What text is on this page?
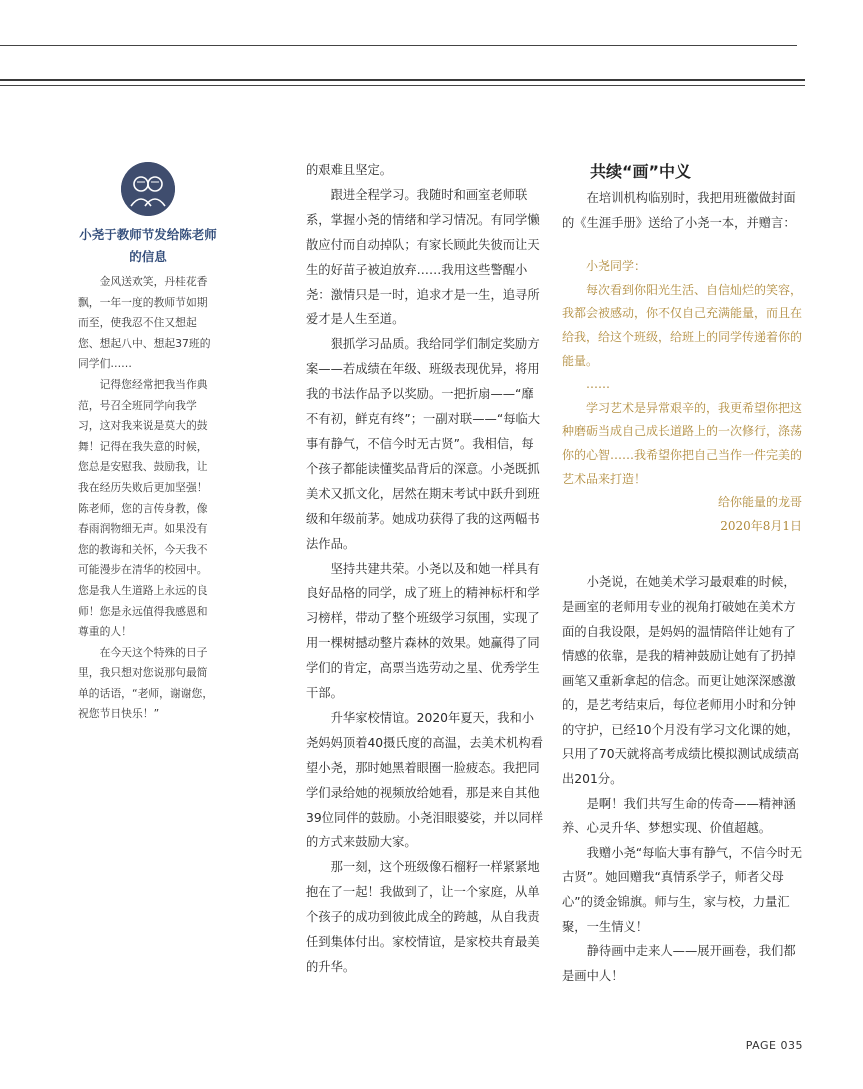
小尧于教师节发给陈老师的信息

金风送欢笑，丹桂花香飘，一年一度的教师节如期而至，使我忍不住又想起您、想起八中、想起37班的同学们……

记得您经常把我当作典范，号召全班同学向我学习，这对我来说是莫大的鼓舞！记得在我失意的时候，您总是安慰我、鼓励我，让我在经历失败后更加坚强！陈老师，您的言传身教，像春雨润物细无声。如果没有您的教诲和关怀，今天我不可能漫步在清华的校园中。您是我人生道路上永远的良师！您是永远值得我感恩和尊重的人！

在今天这个特殊的日子里，我只想对您说那句最简单的话语，“老师，谢谢您，祝您节日快乐！”

的艰难且坚定。

跟进全程学习。我随时和画室老师联系，掌握小尧的情绪和学习情况。有同学懒散应付而自动掉队；有家长顾此失彼而让天生的好苗子被迫放弃……我用这些警醒小尧：激情只是一时，追求才是一生，追寻所爱才是人生至道。

狠抓学习品质。我给同学们制定奖励方案——若成绩在年级、班级表现优异，将用我的书法作品予以奖励。一把折扇——“靡不有初，鲜克有终”；一副对联——“每临大事有静气，不信今时无古贤”。我相信，每个孩子都能读懂奖品背后的深意。小尧既抓美术又抓文化，居然在期末考试中跃升到班级和年级前茅。她成功获得了我的这两幅书法作品。

坚持共建共荣。小尧以及和她一样具有良好品格的同学，成了班上的精神标杆和学习榜样，带动了整个班级学习氛围，实现了用一棵树撼动整片森林的效果。她赢得了同学们的肯定，高票当选劳动之星、优秀学生干部。

升华家校情谊。2020年夏天，我和小尧妈妈顶着40摄氏度的高温，去美术机构看望小尧，那时她黑着眼圈一脸疲态。我把同学们录给她的视频放给她看，那是来自其他39位同伴的鼓励。小尧泪眼婆娑，并以同样的方式来鼓励大家。

那一刻，这个班级像石榴籽一样紧紧地抱在了一起！我做到了，让一个家庭，从单个孩子的成功到彼此成全的跨越，从自我责任到集体付出。家校情谊，是家校共育最美的升华。

共续“画”中义

在培训机构临别时，我把用班徽做封面的《生涯手册》送给了小尧一本，并赠言：

小尧同学：

每次看到你阳光生活、自信灿烂的笑容，我都会被感动，你不仅自己充满能量，而且在给我，给这个班级，给班上的同学传递着你的能量。

……

学习艺术是异常艰辛的，我更希望你把这种磨砺当成自己成长道路上的一次修行，涤荡你的心智……我希望你把自己当作一件完美的艺术品来打造！

给你能量的龙哥

2020年8月1日

小尧说，在她美术学习最艰难的时候，是画室的老师用专业的视角打破她在美术方面的自我设限，是妈妈的温情陪伴让她有了情感的依靠，是我的精神鼓励让她有了扔掉画笔又重新拿起的信念。而更让她深深感激的，是艺考结束后，每位老师用小时和分钟的守护，已经10个月没有学习文化课的她，只用了70天就将高考成绩比模拟测试成绩高出201分。

是啊！我们共写生命的传奇——精神涵养、心灵升华、梦想实现、价值超越。

我赠小尧“每临大事有静气，不信今时无古贤”。她回赠我“真情系学子，师者父母心”的烫金锦旗。师与生，家与校，力量汇聚，一生情义！

静待画中走来人——展开画卷，我们都是画中人！

PAGE 035
